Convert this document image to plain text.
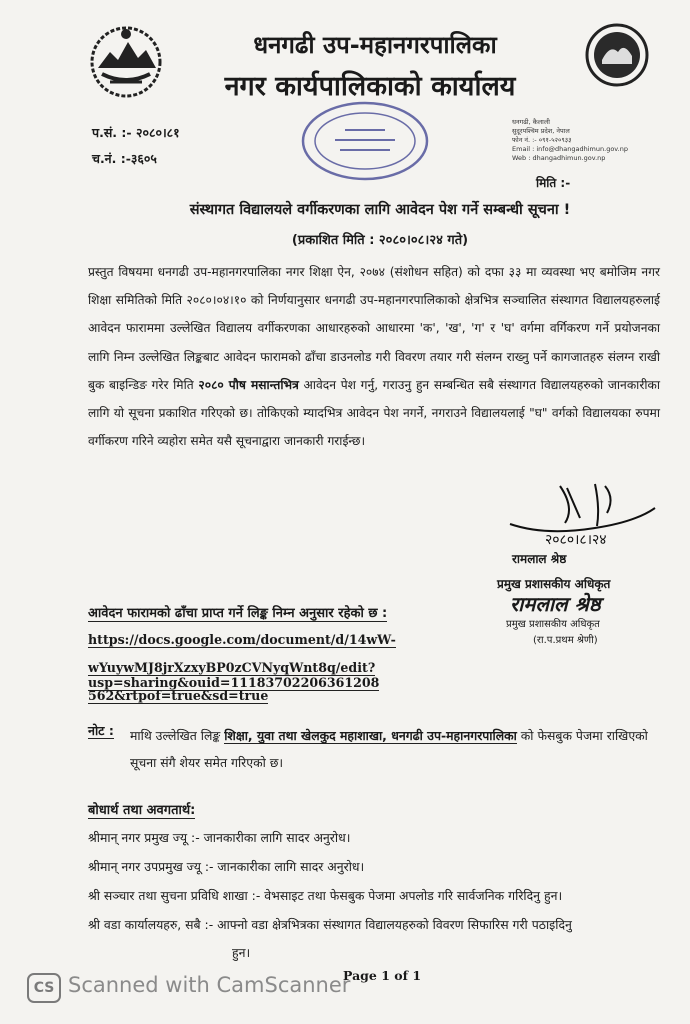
धनगढी उप-महानगरपालिका
नगर कार्यपालिकाको कार्यालय
प.सं. :- २०८०।८१
च.नं. :-३६०५
धनगढी, कैलाली
सुदूरपश्चिम प्रदेश, नेपाल
फोन नं. :- ०९१-५२०९३३
Email : info@dhangadhimun.gov.np
Web : dhangadhimun.gov.np
मिति :-
संस्थागत विद्यालयले वर्गीकरणका लागि आवेदन पेश गर्ने सम्बन्धी सूचना !
(प्रकाशित मिति : २०८०।०८।२४ गते)
प्रस्तुत विषयमा धनगढी उप-महानगरपालिका नगर शिक्षा ऐन, २०७४ (संशोधन सहित) को दफा ३३ मा व्यवस्था भए बमोजिम नगर शिक्षा समितिको मिति २०८०।०४।१० को निर्णयानुसार धनगढी उप-महानगरपालिकाको क्षेत्रभित्र सञ्चालित संस्थागत विद्यालयहरुलाई आवेदन फाराममा उल्लेखित विद्यालय वर्गीकरणका आधारहरुको आधारमा 'क', 'ख', 'ग' र 'घ' वर्गमा वर्गिकरण गर्ने प्रयोजनका लागि निम्न उल्लेखित लिङ्कबाट आवेदन फारामको ढाँचा डाउनलोड गरी विवरण तयार गरी संलग्न राख्नु पर्ने कागजातहरु संलग्न राखी बुक बाइन्डिङ गरेर मिति २०८० पौष मसान्तभित्र आवेदन पेश गर्नु, गराउनु हुन सम्बन्धित सबै संस्थागत विद्यालयहरुको जानकारीका लागि यो सूचना प्रकाशित गरिएको छ। तोकिएको म्यादभित्र आवेदन पेश नगर्ने, नगराउने विद्यालयलाई "घ" वर्गको विद्यालयका रुपमा वर्गीकरण गरिने व्यहोरा समेत यसै सूचनाद्वारा जानकारी गराईन्छ।
२०८०।८।२४
रामलाल श्रेष्ठ
प्रमुख प्रशासकीय अधिकृत
रामलाल श्रेष्ठ
प्रमुख प्रशासकीय अधिकृत
(रा.प.प्रथम श्रेणी)
आवेदन फारामको ढाँचा प्राप्त गर्ने लिङ्क निम्न अनुसार रहेको छ :
https://docs.google.com/document/d/14wW-
wYuywMJ8jrXzxyBP0zCVNyqWnt8q/edit?usp=sharing&ouid=11183702206361208
562&rtpof=true&sd=true
नोट : माथि उल्लेखित लिङ्क शिक्षा, युवा तथा खेलकुद महाशाखा, धनगढी उप-महानगरपालिका को फेसबुक पेजमा राखिएको सूचना संगै शेयर समेत गरिएको छ।
बोधार्थ तथा अवगतार्थ:
श्रीमान् नगर प्रमुख ज्यू :- जानकारीका लागि सादर अनुरोध।
श्रीमान् नगर उपप्रमुख ज्यू :- जानकारीका लागि सादर अनुरोध।
श्री सञ्चार तथा सुचना प्रविधि शाखा :- वेभसाइट तथा फेसबुक पेजमा अपलोड गरि सार्वजनिक गरिदिनु हुन।
श्री वडा कार्यालयहरु, सबै :- आफ्नो वडा क्षेत्रभित्रका संस्थागत विद्यालयहरुको विवरण सिफारिस गरी पठाइदिनु
हुन।
Page 1 of 1
CS Scanned with CamScanner
